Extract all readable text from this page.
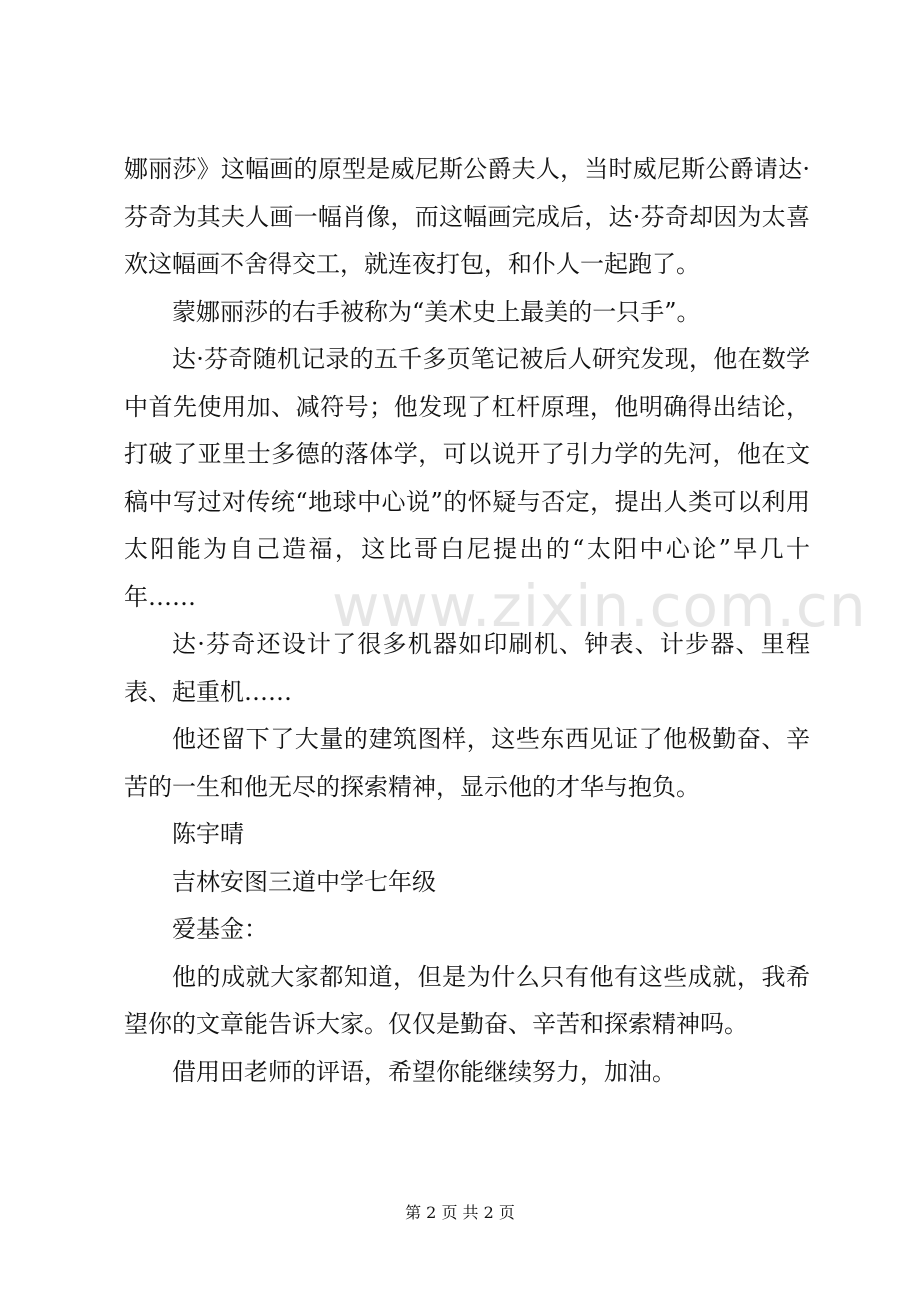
www.zixin.com.cn

娜丽莎》这幅画的原型是威尼斯公爵夫人，当时威尼斯公爵请达·芬奇为其夫人画一幅肖像，而这幅画完成后，达·芬奇却因为太喜欢这幅画不舍得交工，就连夜打包，和仆人一起跑了。

蒙娜丽莎的右手被称为“美术史上最美的一只手”。

达·芬奇随机记录的五千多页笔记被后人研究发现，他在数学中首先使用加、减符号；他发现了杠杆原理，他明确得出结论，打破了亚里士多德的落体学，可以说开了引力学的先河，他在文稿中写过对传统“地球中心说”的怀疑与否定，提出人类可以利用太阳能为自己造福，这比哥白尼提出的“太阳中心论”早几十年……

达·芬奇还设计了很多机器如印刷机、钟表、计步器、里程表、起重机……

他还留下了大量的建筑图样，这些东西见证了他极勤奋、辛苦的一生和他无尽的探索精神，显示他的才华与抱负。

陈宇晴

吉林安图三道中学七年级

爱基金：

他的成就大家都知道，但是为什么只有他有这些成就，我希望你的文章能告诉大家。仅仅是勤奋、辛苦和探索精神吗。

借用田老师的评语，希望你能继续努力，加油。

第 2 页 共 2 页
